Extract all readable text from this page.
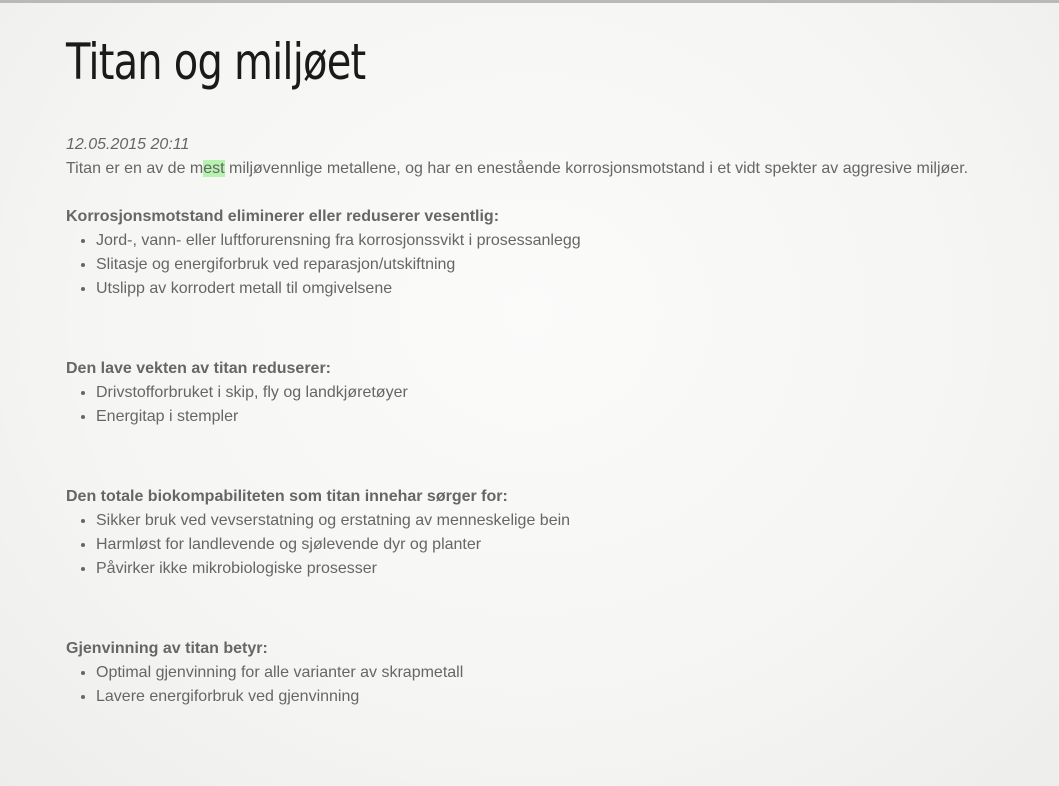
Titan og miljøet
12.05.2015 20:11

Titan er en av de mest miljøvennlige metallene, og har en enestående korrosjonsmotstand i et vidt spekter av aggresive miljøer.

Korrosjonsmotstand eliminerer eller reduserer vesentlig:

• Jord-, vann- eller luftforurensning fra korrosjonssvikt i prosessanlegg
• Slitasje og energiforbruk ved reparasjon/utskiftning
• Utslipp av korrodert metall til omgivelsene

Den lave vekten av titan reduserer:

• Drivstofforbruket i skip, fly og landkjøretøyer
• Energitap i stempler

Den totale biokompabiliteten som titan innehar sørger for:

• Sikker bruk ved vevserstatning og erstatning av menneskelige bein
• Harmløst for landlevende og sjølevende dyr og planter
• Påvirker ikke mikrobiologiske prosesser

Gjenvinning av titan betyr:

• Optimal gjenvinning for alle varianter av skrapmetall
• Lavere energiforbruk ved gjenvinning
